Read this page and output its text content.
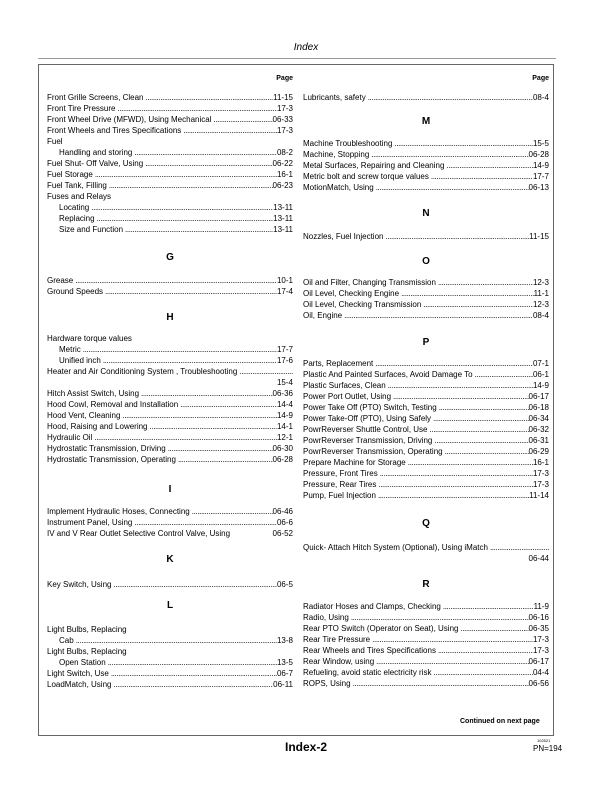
Index
Page
Front Grille Screens, Clean . . .	11-15
Front Tire Pressure . . .	17-3
Front Wheel Drive (MFWD), Using Mechanical . . .	06-33
Front Wheels and Tires Specifications . . .	17-3
Fuel
Handling and storing . . .	08-2
Fuel Shut- Off Valve, Using . . .	06-22
Fuel Storage . . .	16-1
Fuel Tank, Filling . . .	06-23
Fuses and Relays
Locating . . .	13-11
Replacing . . .	13-11
Size and Function . . .	13-11
Grease . . .	10-1
Ground Speeds . . .	17-4
Hardware torque values
Metric . . .	17-7
Unified inch . . .	17-6
Heater and Air Conditioning System , Troubleshooting
. . .
15-4
Hitch Assist Switch, Using . . .	06-36
Hood Cowl, Removal and Installation . . .	14-4
Hood Vent, Cleaning . . .	14-9
Hood, Raising and Lowering . . .	14-1
Hydraulic Oil . . .	12-1
Hydrostatic Transmission, Driving . . .	06-30
Hydrostatic Transmission, Operating . . .	06-28
Implement Hydraulic Hoses, Connecting . . .	06-46
Instrument Panel, Using . . .	06-6
IV and V Rear Outlet Selective Control Valve, Using	06-52
Key Switch, Using . . .	06-5
Light Bulbs, Replacing
Cab . . .	13-8
Light Bulbs, Replacing
Open Station . . .	13-5
Light Switch, Use . . .	06-7
LoadMatch, Using . . .	06-11
G
H
I
K
L
Page
Lubricants, safety . . .	08-4
Machine Troubleshooting . . .	15-5
Machine, Stopping . . .	06-28
Metal Surfaces, Repairing and Cleaning . . .	14-9
Metric bolt and screw torque values . . .	17-7
MotionMatch, Using . . .	06-13
Nozzles, Fuel Injection . . .	11-15
Oil and Filter, Changing Transmission . . .	12-3
Oil Level, Checking Engine . . .	11-1
Oil Level, Checking Transmission . . .	12-3
Oil, Engine . . .	08-4
Parts, Replacement . . .	07-1
Plastic And Painted Surfaces, Avoid Damage To . . .	06-1
Plastic Surfaces, Clean . . .	14-9
Power Port Outlet, Using . . .	06-17
Power Take Off (PTO) Switch, Testing . . .	06-18
Power Take-Off (PTO), Using Safely . . .	06-34
PowrReverser Shuttle Control, Use . . .	06-32
PowrReverser Transmission, Driving . . .	06-31
PowrReverser Transmission, Operating . . .	06-29
Prepare Machine for Storage . . .	16-1
Pressure, Front Tires . . .	17-3
Pressure, Rear Tires . . .	17-3
Pump, Fuel Injection . . .	11-14
Quick- Attach Hitch System (Optional), Using iMatch
. . .
06-44
Radiator Hoses and Clamps, Checking . . .	11-9
Radio, Using . . .	06-16
Rear PTO Switch (Operator on Seat), Using . . .	06-35
Rear Tire Pressure . . .	17-3
Rear Wheels and Tires Specifications . . .	17-3
Rear Window, using . . .	06-17
Refueling, avoid static electricity risk . . .	04-4
ROPS, Using . . .	06-56
M
N
O
P
Q
R
Continued on next page
Index-2	102521
PN=194
